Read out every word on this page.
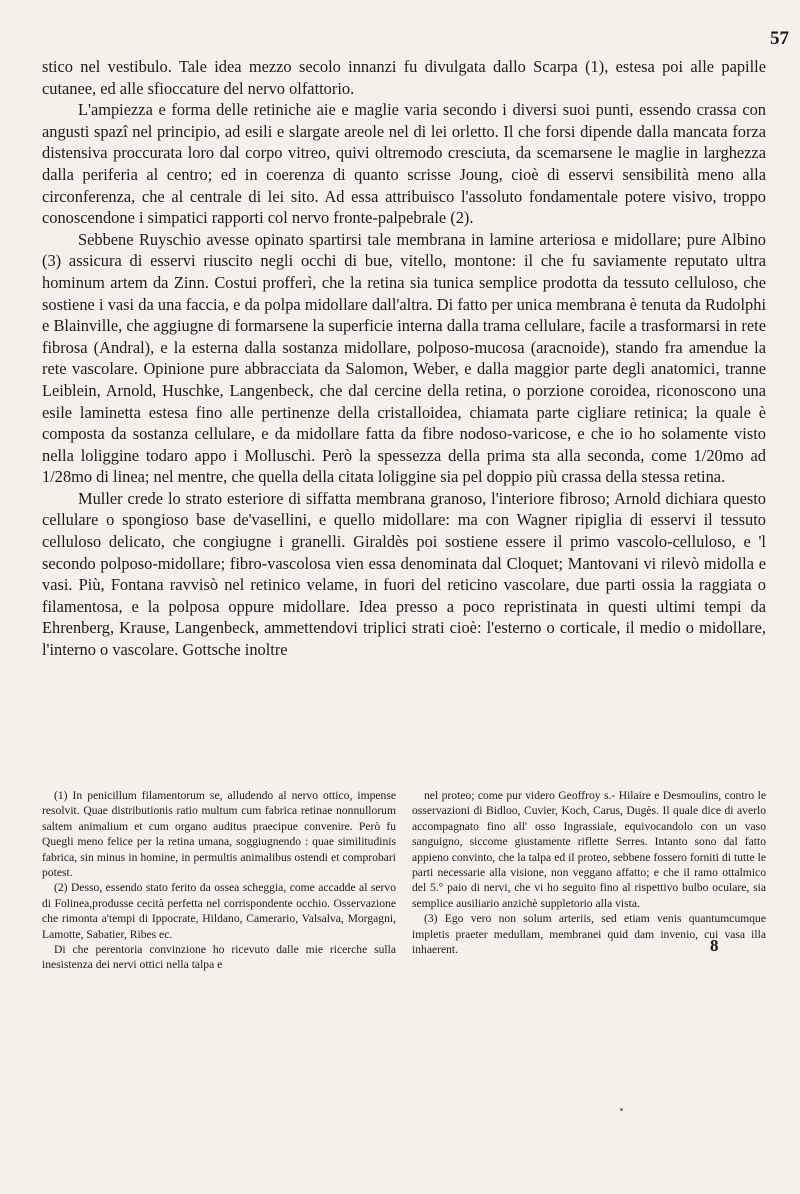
57

stico nel vestibulo. Tale idea mezzo secolo innanzi fu divulgata dallo Scarpa (1), estesa poi alle papille cutanee, ed alle sfioccature del nervo olfattorio.

L'ampiezza e forma delle retiniche aie e maglie varia secondo i diversi suoi punti, essendo crassa con angusti spazî nel principio, ad esili e slargate areole nel di lei orletto. Il che forsi dipende dalla mancata forza distensiva proccurata loro dal corpo vitreo, quivi oltremodo cresciuta, da scemarsene le maglie in larghezza dalla periferia al centro; ed in coerenza di quanto scrisse Joung, cioè di esservi sensibilità meno alla circonferenza, che al centrale di lei sito. Ad essa attribuisco l'assoluto fondamentale potere visivo, troppo conoscendone i simpatici rapporti col nervo fronte-palpebrale (2).

Sebbene Ruyschio avesse opinato spartirsi tale membrana in lamine arteriosa e midollare; pure Albino (3) assicura di esservi riuscito negli occhi di bue, vitello, montone: il che fu saviamente reputato ultra hominum artem da Zinn. Costui profferì, che la retina sia tunica semplice prodotta da tessuto celluloso, che sostiene i vasi da una faccia, e da polpa midollare dall'altra. Di fatto per unica membrana è tenuta da Rudolphi e Blainville, che aggiugne di formarsene la superficie interna dalla trama cellulare, facile a trasformarsi in rete fibrosa (Andral), e la esterna dalla sostanza midollare, polposo-mucosa (aracnoide), stando fra amendue la rete vascolare. Opinione pure abbracciata da Salomon, Weber, e dalla maggior parte degli anatomici, tranne Leiblein, Arnold, Huschke, Langenbeck, che dal cercine della retina, o porzione coroidea, riconoscono una esile laminetta estesa fino alle pertinenze della cristalloidea, chiamata parte cigliare retinica; la quale è composta da sostanza cellulare, e da midollare fatta da fibre nodoso-varicose, e che io ho solamente visto nella loliggine todaro appo i Molluschi. Però la spessezza della prima sta alla seconda, come 1/20mo ad 1/28mo di linea; nel mentre, che quella della citata loliggine sia pel doppio più crassa della stessa retina.

Muller crede lo strato esteriore di siffatta membrana granoso, l'interiore fibroso; Arnold dichiara questo cellulare o spongioso base de'vasellini, e quello midollare: ma con Wagner ripiglia di esservi il tessuto celluloso delicato, che congiugne i granelli. Giraldès poi sostiene essere il primo vascolo-celluloso, e 'l secondo polposo-midollare; fibro-vascolosa vien essa denominata dal Cloquet; Mantovani vi rilevò midolla e vasi. Più, Fontana ravvisò nel retinico velame, in fuori del reticino vascolare, due parti ossia la raggiata o filamentosa, e la polposa oppure midollare. Idea presso a poco repristinata in questi ultimi tempi da Ehrenberg, Krause, Langenbeck, ammettendovi triplici strati cioè: l'esterno o corticale, il medio o midollare, l'interno o vascolare. Gottsche inoltre

(1) In penicillum filamentorum se, alludendo al nervo ottico, impense resolvit. Quae distributionis ratio multum cum fabrica retinae nonnullorum saltem animalium et cum organo auditus praecipue convenire. Però fu Quegli meno felice per la retina umana, soggiugnendo : quae similitudinis fabrica, sin minus in homine, in permultis animalibus ostendi et comprobari potest.

(2) Desso, essendo stato ferito da ossea scheggia, come accadde al servo di Folinea,produsse cecità perfetta nel corrispondente occhio. Osservazione che rimonta a'tempi di Ippocrate, Hildano, Camerario, Valsalva, Morgagni, Lamotte, Sabatier, Ribes ec.

Di che perentoria convinzione ho ricevuto dalle mie ricerche sulla inesistenza dei nervi ottici nella talpa e

nel proteo; come pur videro Geoffroy s.- Hilaire e Desmoulins, contro le osservazioni di Bidloo, Cuvier, Koch, Carus, Dugès. Il quale dice di averlo accompagnato fino all' osso Ingrassiale, equivocandolo con un vaso sanguigno, siccome giustamente riflette Serres. Intanto sono dal fatto appieno convinto, che la talpa ed il proteo, sebbene fossero forniti di tutte le parti necessarie alla visione, non veggano affatto; e che il ramo ottalmico del 5.° paio di nervi, che vi ho seguito fino al rispettivo bulbo oculare, sia semplice ausiliario anzichè suppletorio alla vista.

(3) Ego vero non solum arteriis, sed etiam venis quantumcumque impletis praeter medullam, membranei quid dam invenio, cui vasa illa inhaerent.	8
